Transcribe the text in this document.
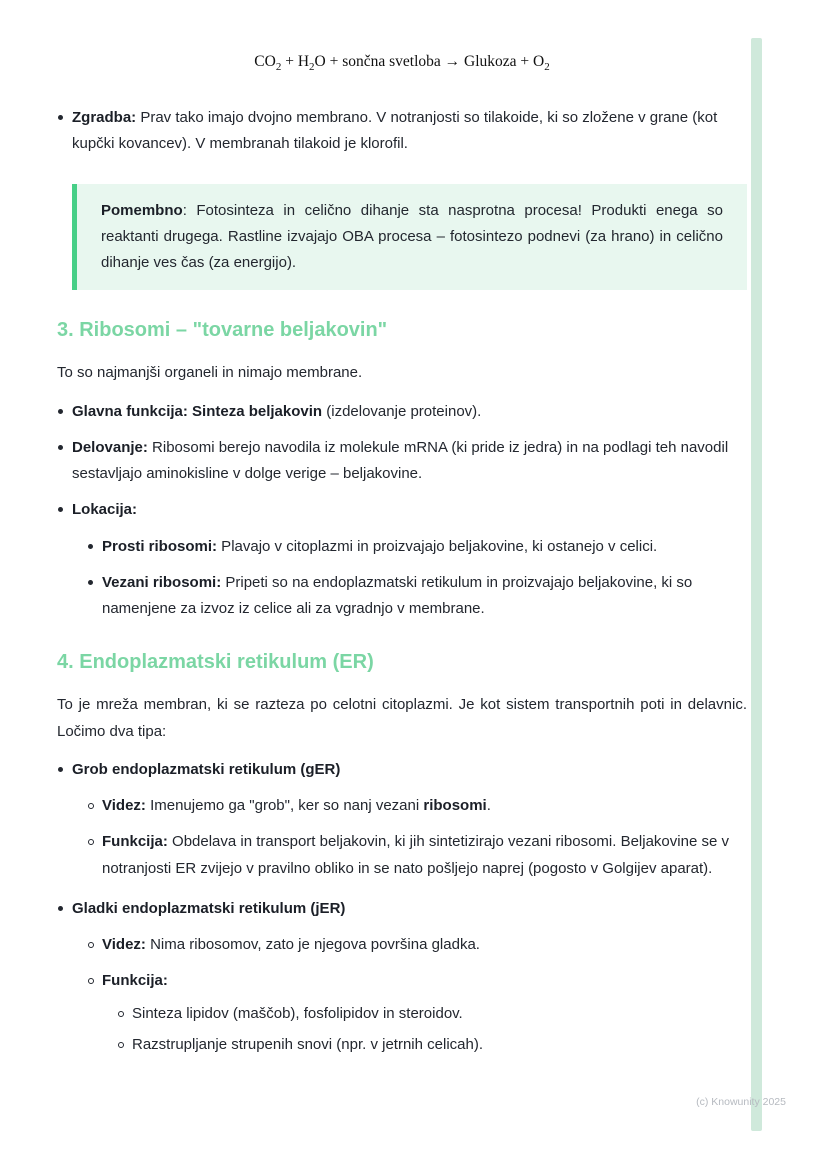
$CO_2 + H_2O$ + sončna svetloba → Glukoza + $O_2$

Zgradba: Prav tako imajo dvojno membrano. V notranjosti so tilakoide, ki so zložene v grane (kot kupčki kovancev). V membranah tilakoid je klorofil.

Pomembno: Fotosinteza in celično dihanje sta nasprotna procesa! Produkti enega so reaktanti drugega. Rastline izvajajo OBA procesa – fotosintezo podnevi (za hrano) in celično dihanje ves čas (za energijo).

3. Ribosomi – "tovarne beljakovin"

To so najmanjši organeli in nimajo membrane.

Glavna funkcija: Sinteza beljakovin (izdelovanje proteinov).
Delovanje: Ribosomi berejo navodila iz molekule mRNA (ki pride iz jedra) in na podlagi teh navodil sestavljajo aminokisline v dolge verige – beljakovine.
Lokacija:
Prosti ribosomi: Plavajo v citoplazmi in proizvajajo beljakovine, ki ostanejo v celici.
Vezani ribosomi: Pripeti so na endoplazmatski retikulum in proizvajajo beljakovine, ki so namenjene za izvoz iz celice ali za vgradnjo v membrane.
4. Endoplazmatski retikulum (ER)

To je mreža membran, ki se razteza po celotni citoplazmi. Je kot sistem transportnih poti in delavnic. Ločimo dva tipa:

Grob endoplazmatski retikulum (gER)
Videz: Imenujemo ga "grob", ker so nanj vezani ribosomi.
Funkcija: Obdelava in transport beljakovin, ki jih sintetizirajo vezani ribosomi. Beljakovine se v notranjosti ER zvijejo v pravilno obliko in se nato pošljejo naprej (pogosto v Golgijev aparat).
Gladki endoplazmatski retikulum (jER)
Videz: Nima ribosomov, zato je njegova površina gladka.
Funkcija:
Sinteza lipidov (maščob), fosfolipidov in steroidov.
Razstrupljanje strupenih snovi (npr. v jetrnih celicah).
(c) Knowunity 2025
